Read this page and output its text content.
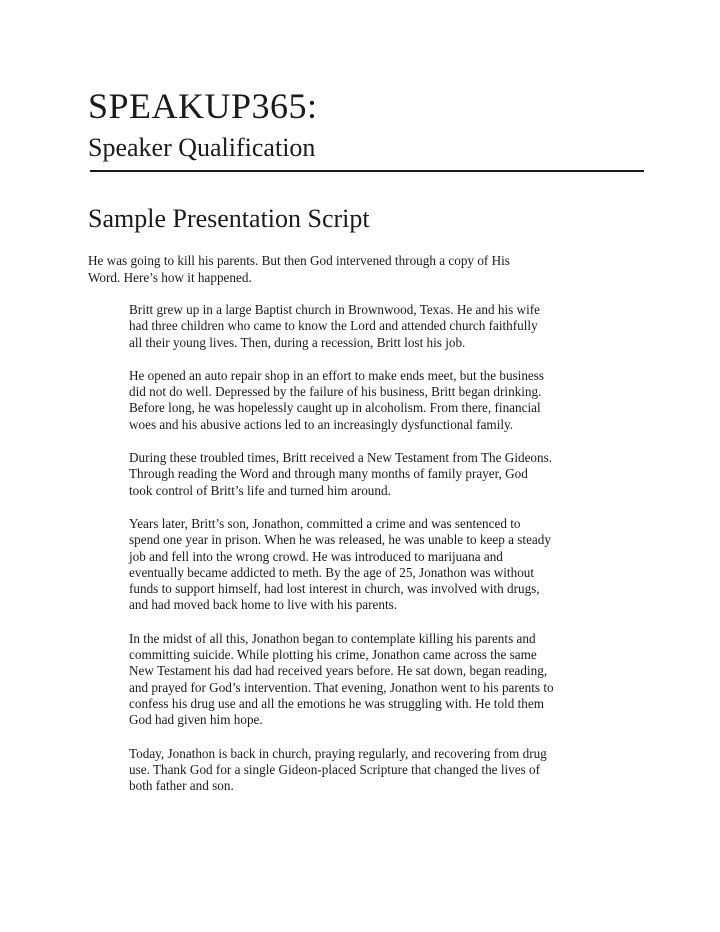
SPEAKUP365:
Speaker Qualification
Sample Presentation Script

He was going to kill his parents. But then God intervened through a copy of His Word. Here’s how it happened.

Britt grew up in a large Baptist church in Brownwood, Texas. He and his wife had three children who came to know the Lord and attended church faithfully all their young lives. Then, during a recession, Britt lost his job.

He opened an auto repair shop in an effort to make ends meet, but the business did not do well. Depressed by the failure of his business, Britt began drinking. Before long, he was hopelessly caught up in alcoholism. From there, financial woes and his abusive actions led to an increasingly dysfunctional family.

During these troubled times, Britt received a New Testament from The Gideons. Through reading the Word and through many months of family prayer, God took control of Britt’s life and turned him around.

Years later, Britt’s son, Jonathon, committed a crime and was sentenced to spend one year in prison. When he was released, he was unable to keep a steady job and fell into the wrong crowd. He was introduced to marijuana and eventually became addicted to meth. By the age of 25, Jonathon was without funds to support himself, had lost interest in church, was involved with drugs, and had moved back home to live with his parents.

In the midst of all this, Jonathon began to contemplate killing his parents and committing suicide. While plotting his crime, Jonathon came across the same New Testament his dad had received years before. He sat down, began reading, and prayed for God’s intervention. That evening, Jonathon went to his parents to confess his drug use and all the emotions he was struggling with. He told them God had given him hope.

Today, Jonathon is back in church, praying regularly, and recovering from drug use. Thank God for a single Gideon-placed Scripture that changed the lives of both father and son.
